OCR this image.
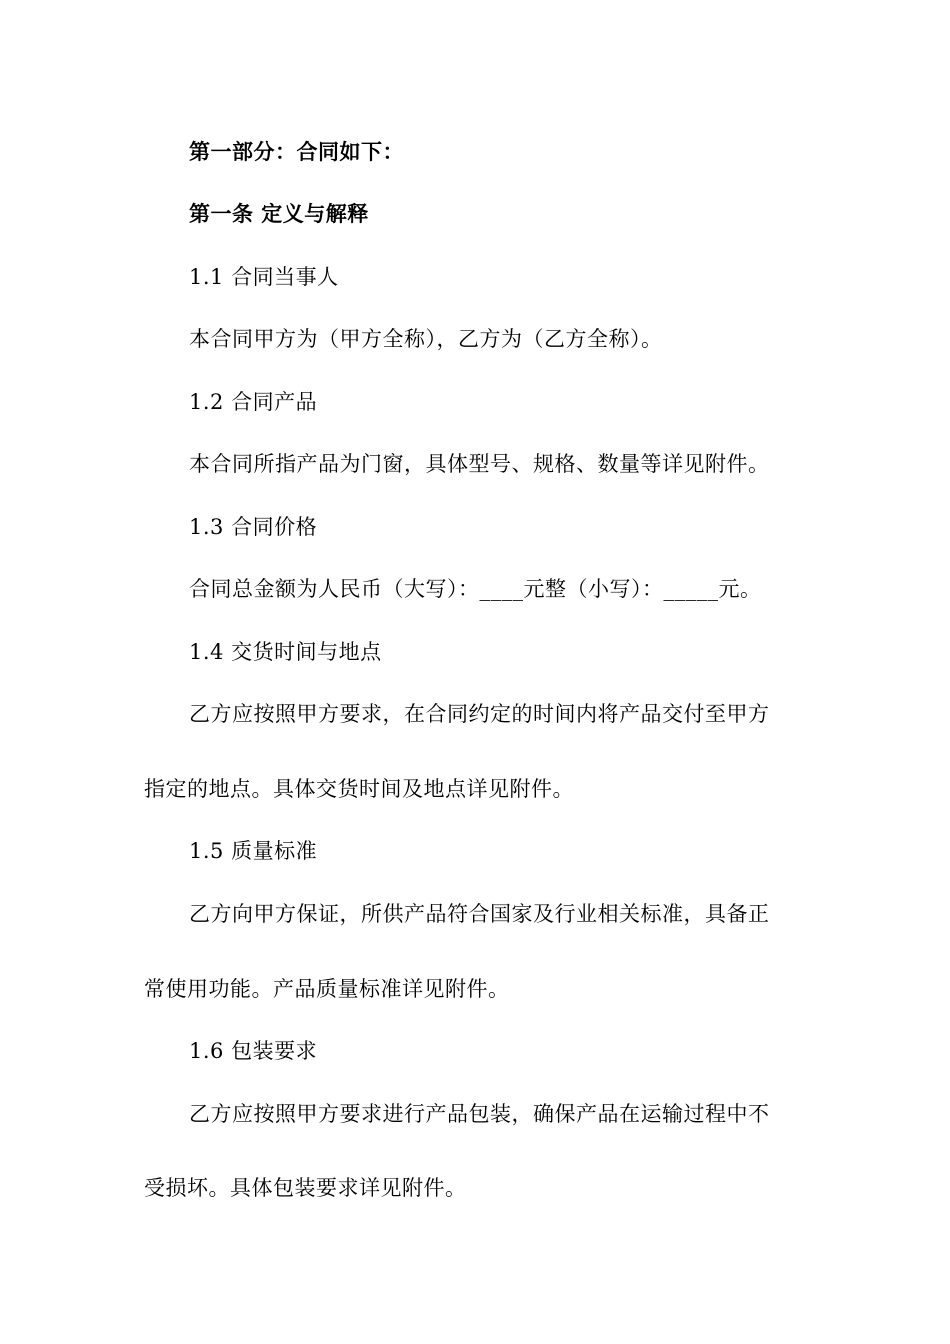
第一部分：合同如下：
第一条 定义与解释
1.1 合同当事人
本合同甲方为（甲方全称），乙方为（乙方全称）。
1.2 合同产品
本合同所指产品为门窗，具体型号、规格、数量等详见附件。
1.3 合同价格
合同总金额为人民币（大写）：____元整（小写）：_____元。
1.4 交货时间与地点
乙方应按照甲方要求，在合同约定的时间内将产品交付至甲方
指定的地点。具体交货时间及地点详见附件。
1.5 质量标准
乙方向甲方保证，所供产品符合国家及行业相关标准，具备正
常使用功能。产品质量标准详见附件。
1.6 包装要求
乙方应按照甲方要求进行产品包装，确保产品在运输过程中不
受损坏。具体包装要求详见附件。
